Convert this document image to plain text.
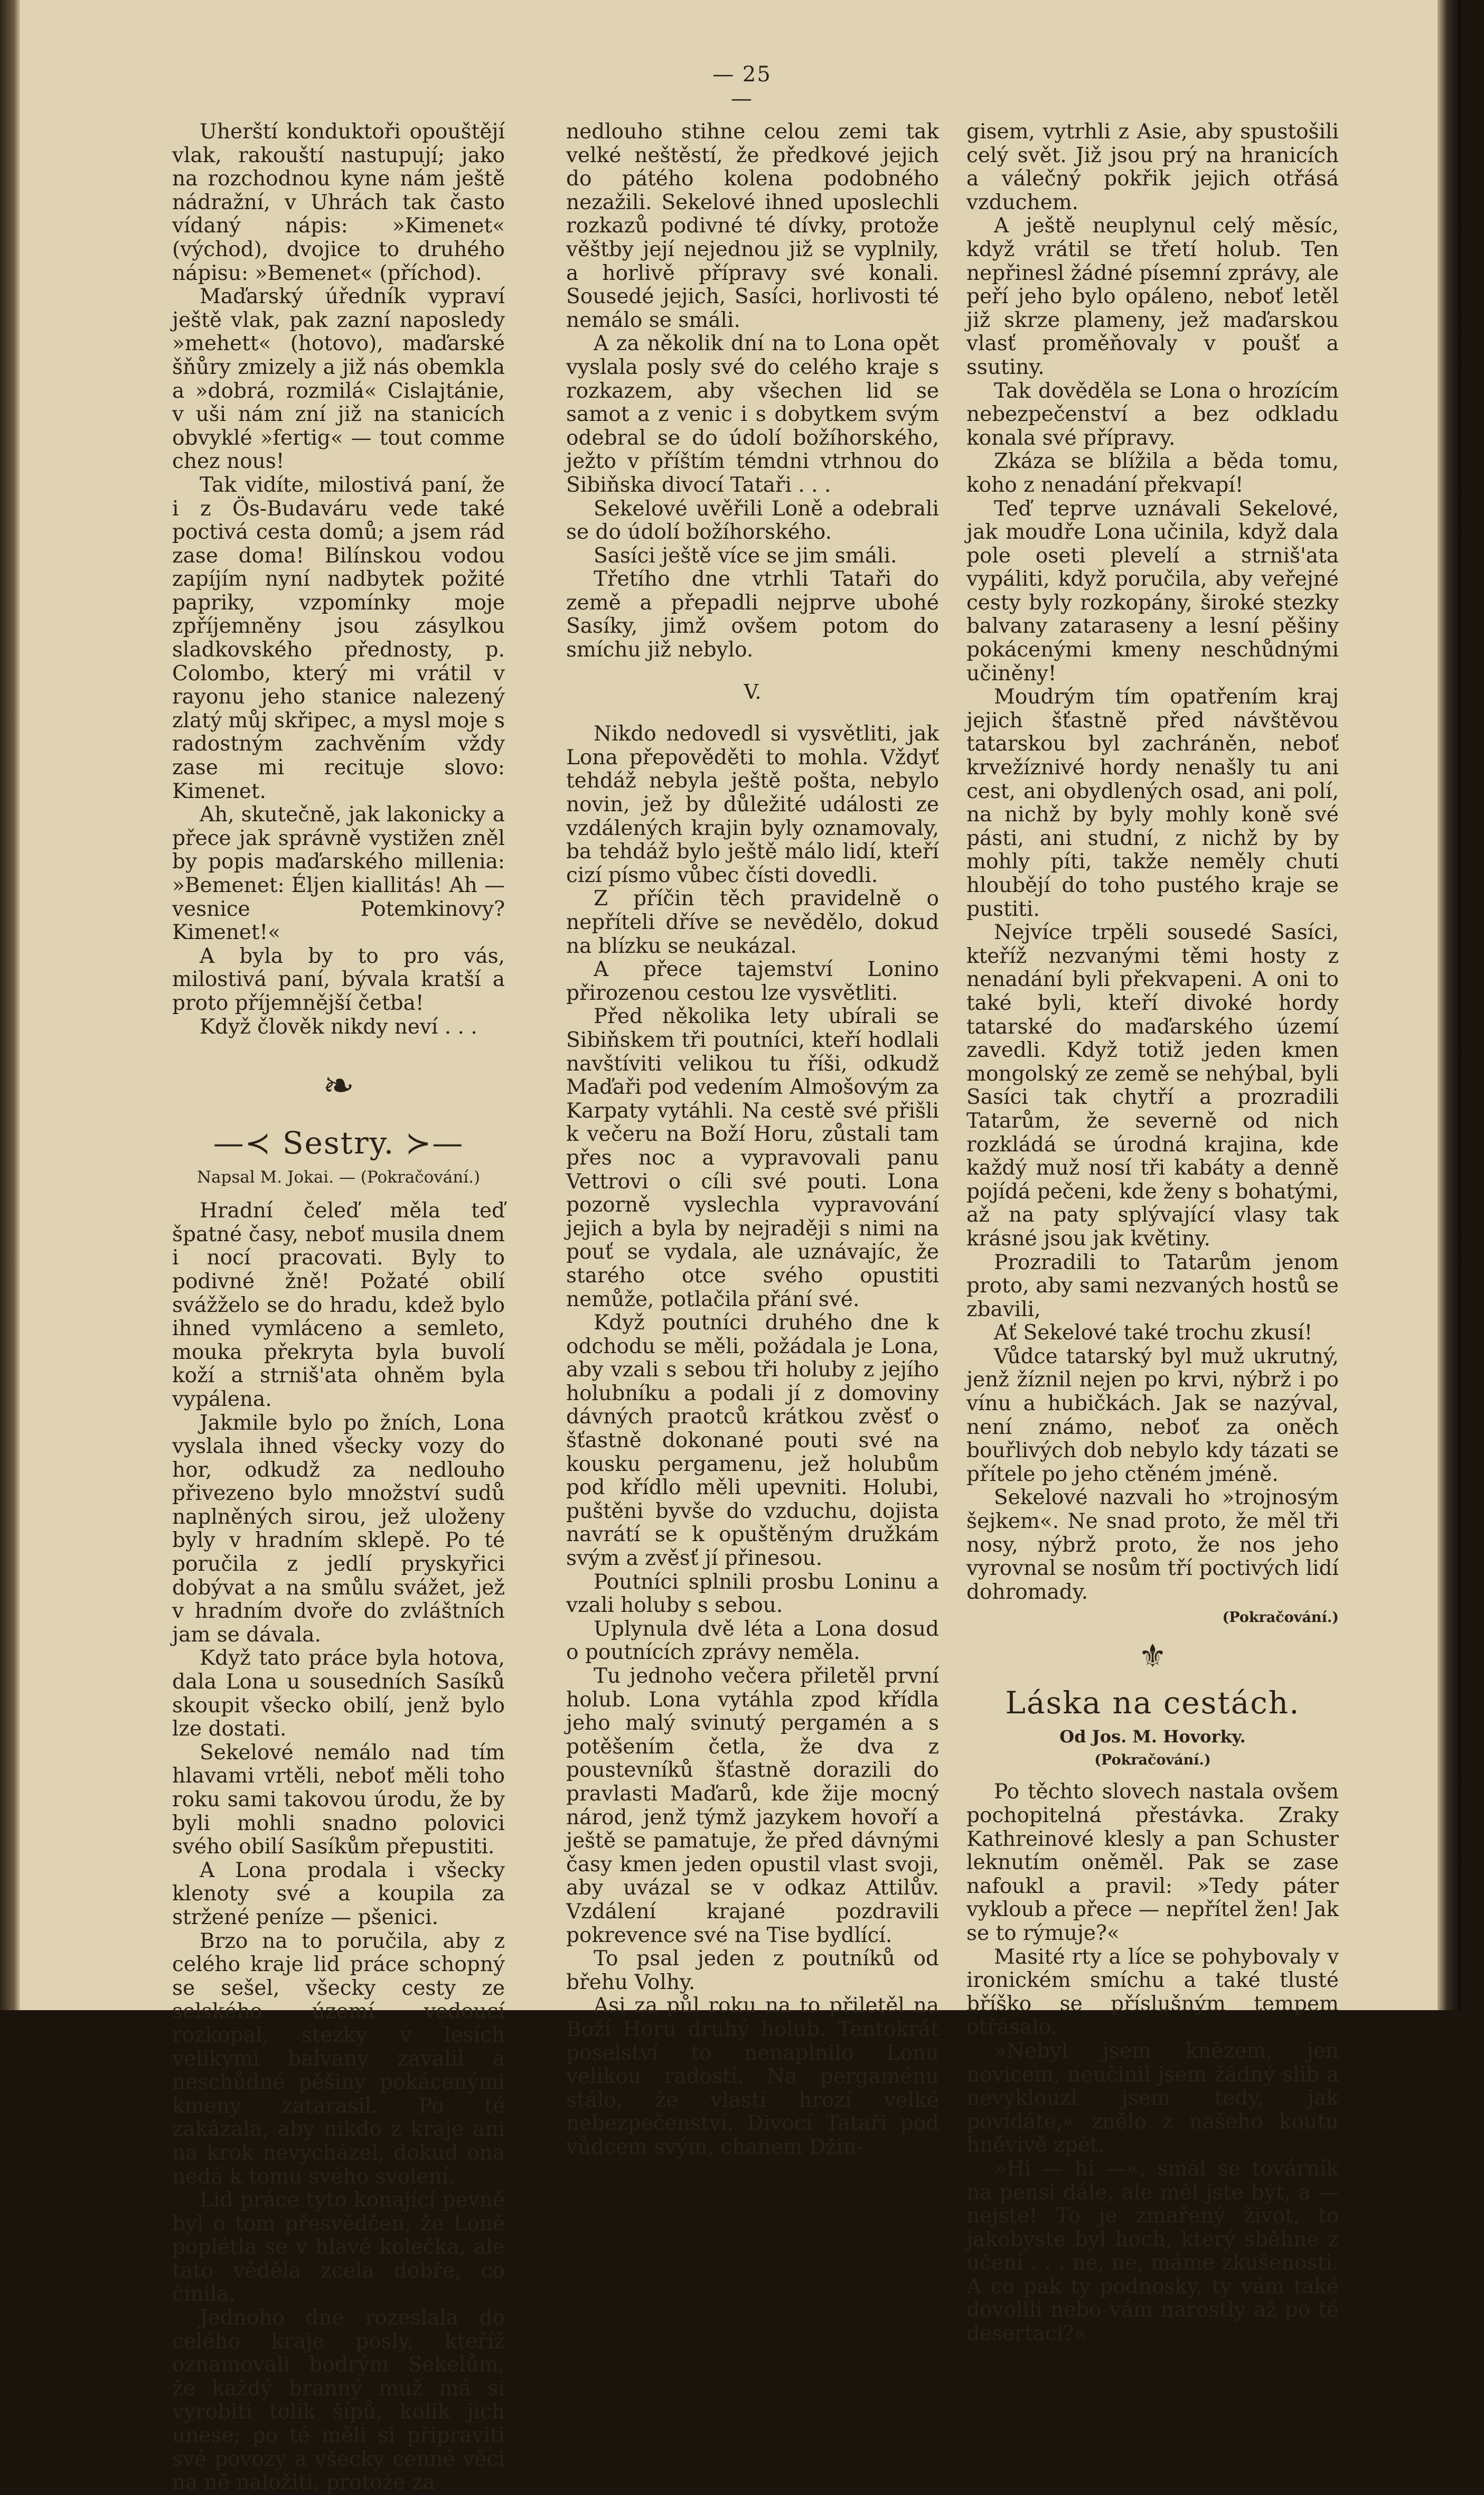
— 25 —

Uherští konduktoři opouštějí vlak, rakouští nastupují; jako na rozchodnou kyne nám ještě nádražní, v Uhrách tak často vídaný nápis: »Kimenet« (východ), dvojice to druhého nápisu: »Bemenet« (příchod).

Maďarský úředník vypraví ještě vlak, pak zazní naposledy »mehett« (hotovo), maďarské šňůry zmizely a již nás obemkla a »dobrá, rozmilá« Cislajtánie, v uši nám zní již na stanicích obvyklé »fertig« — tout comme chez nous!

Tak vidíte, milostivá paní, že i z Ös-Budaváru vede také poctivá cesta domů; a jsem rád zase doma! Bilínskou vodou zapíjím nyní nadbytek požité papriky, vzpomínky moje zpříjemněny jsou zásylkou sladkovského přednosty, p. Colombo, který mi vrátil v rayonu jeho stanice nalezený zlatý můj skřipec, a mysl moje s radostným zachvěním vždy zase mi recituje slovo: Kimenet.

Ah, skutečně, jak lakonicky a přece jak správně vystižen zněl by popis maďarského millenia: »Bemenet: Éljen kiallitás! Ah — vesnice Potemkinovy? Kimenet!«

A byla by to pro vás, milostivá paní, bývala kratší a proto příjemnější četba!

Když člověk nikdy neví . . .

❧
—≺ Sestry. ≻—
Napsal M. Jokai. — (Pokračování.)

Hradní čeleď měla teď špatné časy, neboť musila dnem i nocí pracovati. Byly to podivné žně! Požaté obilí svážželo se do hradu, kdež bylo ihned vymláceno a semleto, mouka překryta byla buvolí koží a strniš'ata ohněm byla vypálena.

Jakmile bylo po žních, Lona vyslala ihned všecky vozy do hor, odkudž za nedlouho přivezeno bylo množství sudů naplněných sirou, jež uloženy byly v hradním sklepě. Po té poručila z jedlí pryskyřici dobývat a na smůlu svážet, jež v hradním dvoře do zvláštních jam se dávala.

Když tato práce byla hotova, dala Lona u sousedních Sasíků skoupit všecko obilí, jenž bylo lze dostati.

Sekelové nemálo nad tím hlavami vrtěli, neboť měli toho roku sami takovou úrodu, že by byli mohli snadno polovici svého obilí Sasíkům přepustiti.

A Lona prodala i všecky klenoty své a koupila za stržené peníze — pšenici.

Brzo na to poručila, aby z celého kraje lid práce schopný se sešel, všecky cesty ze selského území vedoucí rozkopal, stezky v lesích velikými balvany zavalil a neschůdné pěšiny pokácenými kmeny zatarasil. Po té zakázala, aby nikdo z kraje ani na krok nevycházel, dokud ona nedá k tomu svého svolení.

Lid práce tyto konající pevně byl o tom přesvědčen, že Loně poplétla se v hlavě kolečka, ale tato věděla zcela dobře, co činila.

Jednoho dne rozeslala do celého kraje posly, kteříž oznamovali bodrým Sekelům, že každý branný muž má si vyrobiti tolik šípů, kolik jich unese; po té měli si připraviti své povozy a všecky cenné věci na ně naložiti, protože za

nedlouho stihne celou zemi tak velké neštěstí, že předkové jejich do pátého kolena podobného nezažili. Sekelové ihned uposlechli rozkazů podivné té dívky, protože věštby její nejednou již se vyplnily, a horlivě přípravy své konali. Sousedé jejich, Sasíci, horlivosti té nemálo se smáli.

A za několik dní na to Lona opět vyslala posly své do celého kraje s rozkazem, aby všechen lid se samot a z venic i s dobytkem svým odebral se do údolí božíhorského, ježto v příštím témdni vtrhnou do Sibiňska divocí Tataři . . .

Sekelové uvěřili Loně a odebrali se do údolí božíhorského.

Sasíci ještě více se jim smáli.

Třetího dne vtrhli Tataři do země a přepadli nejprve ubohé Sasíky, jimž ovšem potom do smíchu již nebylo.

V.

Nikdo nedovedl si vysvětliti, jak Lona přepověděti to mohla. Vždyť tehdáž nebyla ještě pošta, nebylo novin, jež by důležité události ze vzdálených krajin byly oznamovaly, ba tehdáž bylo ještě málo lidí, kteří cizí písmo vůbec čísti dovedli.

Z příčin těch pravidelně o nepříteli dříve se nevědělo, dokud na blízku se neukázal.

A přece tajemství Lonino přirozenou cestou lze vysvětliti.

Před několika lety ubírali se Sibiňskem tři poutníci, kteří hodlali navštíviti velikou tu říši, odkudž Maďaři pod vedením Almošovým za Karpaty vytáhli. Na cestě své přišli k večeru na Boží Horu, zůstali tam přes noc a vypravovali panu Vettrovi o cíli své pouti. Lona pozorně vyslechla vypravování jejich a byla by nejraději s nimi na pouť se vydala, ale uznávajíc, že starého otce svého opustiti nemůže, potlačila přání své.

Když poutníci druhého dne k odchodu se měli, požádala je Lona, aby vzali s sebou tři holuby z jejího holubníku a podali jí z domoviny dávných praotců krátkou zvěsť o šťastně dokonané pouti své na kousku pergamenu, jež holubům pod křídlo měli upevniti. Holubi, puštěni byvše do vzduchu, dojista navrátí se k opuštěným družkám svým a zvěsť jí přinesou.

Poutníci splnili prosbu Loninu a vzali holuby s sebou.

Uplynula dvě léta a Lona dosud o poutnících zprávy neměla.

Tu jednoho večera přiletěl první holub. Lona vytáhla zpod křídla jeho malý svinutý pergamén a s potěšením četla, že dva z poustevníků šťastně dorazili do pravlasti Maďarů, kde žije mocný národ, jenž týmž jazykem hovoří a ještě se pamatuje, že před dávnými časy kmen jeden opustil vlast svoji, aby uvázal se v odkaz Attilův. Vzdálení krajané pozdravili pokrevence své na Tise bydlící.

To psal jeden z poutníků od břehu Volhy.

Asi za půl roku na to přiletěl na Boží Horu druhý holub. Tentokrát poselství to nenaplnilo Lonu velikou radostí. Na pergaménu stálo, že vlasti hrozí velké nebezpečenství. Divocí Tataři pod vůdcem svým, chanem Džin-

gisem, vytrhli z Asie, aby spustošili celý svět. Již jsou prý na hranicích a válečný pokřik jejich otřásá vzduchem.

A ještě neuplynul celý měsíc, když vrátil se třetí holub. Ten nepřinesl žádné písemní zprávy, ale peří jeho bylo opáleno, neboť letěl již skrze plameny, jež maďarskou vlasť proměňovaly v poušť a ssutiny.

Tak dověděla se Lona o hrozícím nebezpečenství a bez odkladu konala své přípravy.

Zkáza se blížila a běda tomu, koho z nenadání překvapí!

Teď teprve uznávali Sekelové, jak moudře Lona učinila, když dala pole oseti plevelí a strniš'ata vypáliti, když poručila, aby veřejné cesty byly rozkopány, široké stezky balvany zataraseny a lesní pěšiny pokácenými kmeny neschůdnými učiněny!

Moudrým tím opatřením kraj jejich šťastně před návštěvou tatarskou byl zachráněn, neboť krvežíznivé hordy nenašly tu ani cest, ani obydlených osad, ani polí, na nichž by byly mohly koně své pásti, ani studní, z nichž by by mohly píti, takže neměly chuti hloubějí do toho pustého kraje se pustiti.

Nejvíce trpěli sousedé Sasíci, kteříž nezvanými těmi hosty z nenadání byli překvapeni. A oni to také byli, kteří divoké hordy tatarské do maďarského území zavedli. Když totiž jeden kmen mongolský ze země se nehýbal, byli Sasíci tak chytří a prozradili Tatarům, že severně od nich rozkládá se úrodná krajina, kde každý muž nosí tři kabáty a denně pojídá pečeni, kde ženy s bohatými, až na paty splývající vlasy tak krásné jsou jak květiny.

Prozradili to Tatarům jenom proto, aby sami nezvaných hostů se zbavili,

Ať Sekelové také trochu zkusí!

Vůdce tatarský byl muž ukrutný, jenž žíznil nejen po krvi, nýbrž i po vínu a hubičkách. Jak se nazýval, není známo, neboť za oněch bouřlivých dob nebylo kdy tázati se přítele po jeho ctěném jméně.

Sekelové nazvali ho »trojnosým šejkem«. Ne snad proto, že měl tři nosy, nýbrž proto, že nos jeho vyrovnal se nosům tří poctivých lidí dohromady.

(Pokračování.)
⚜
Láska na cestách.
Od Jos. M. Hovorky.
(Pokračování.)

Po těchto slovech nastala ovšem pochopitelná přestávka. Zraky Kathreinové klesly a pan Schuster leknutím oněměl. Pak se zase nafoukl a pravil: »Tedy páter vykloub a přece — nepřítel žen! Jak se to rýmuje?«

Masité rty a líce se pohybovaly v ironickém smíchu a také tlusté bříško se příslušným tempem otřásalo.

»Nebyl jsem knězem, jen novicem, neučinil jsem žádný slib a nevyklouzl jsem tedy, jak povídáte,« znělo z našeho koutu hněvivě zpět.

»Hi — hi —«, smál se továrník na pensi dále, ale měl jste být, a — nejste! To je zmařený život, to jakobyste byl hoch, který sběhne z učení . . . ne, ne, máme zkušenosti. A co pak ty podnosky, ty vám také dovolili nebo vám narostly až po té desertaci?«
